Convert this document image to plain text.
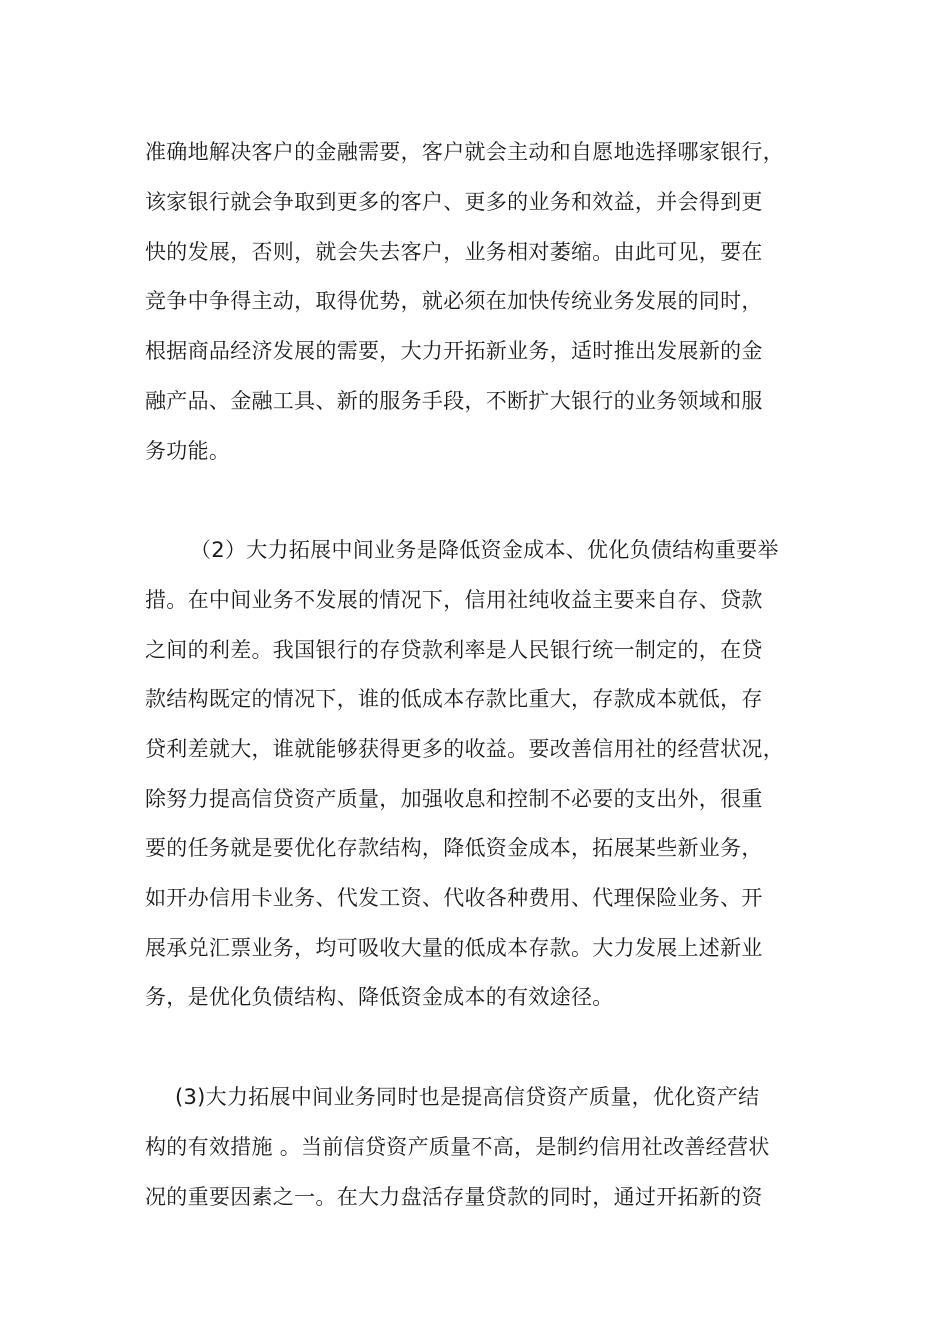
准确地解决客户的金融需要，客户就会主动和自愿地选择哪家银行，

该家银行就会争取到更多的客户、更多的业务和效益，并会得到更

快的发展，否则，就会失去客户，业务相对萎缩。由此可见，要在

竞争中争得主动，取得优势，就必须在加快传统业务发展的同时，

根据商品经济发展的需要，大力开拓新业务，适时推出发展新的金

融产品、金融工具、新的服务手段，不断扩大银行的业务领域和服

务功能。

（2）大力拓展中间业务是降低资金成本、优化负债结构重要举

措。在中间业务不发展的情况下，信用社纯收益主要来自存、贷款

之间的利差。我国银行的存贷款利率是人民银行统一制定的，在贷

款结构既定的情况下，谁的低成本存款比重大，存款成本就低，存

贷利差就大，谁就能够获得更多的收益。要改善信用社的经营状况，

除努力提高信贷资产质量，加强收息和控制不必要的支出外，很重

要的任务就是要优化存款结构，降低资金成本，拓展某些新业务，

如开办信用卡业务、代发工资、代收各种费用、代理保险业务、开

展承兑汇票业务，均可吸收大量的低成本存款。大力发展上述新业

务，是优化负债结构、降低资金成本的有效途径。

(3)大力拓展中间业务同时也是提高信贷资产质量，优化资产结

构的有效措施 。当前信贷资产质量不高，是制约信用社改善经营状

况的重要因素之一。在大力盘活存量贷款的同时，通过开拓新的资
